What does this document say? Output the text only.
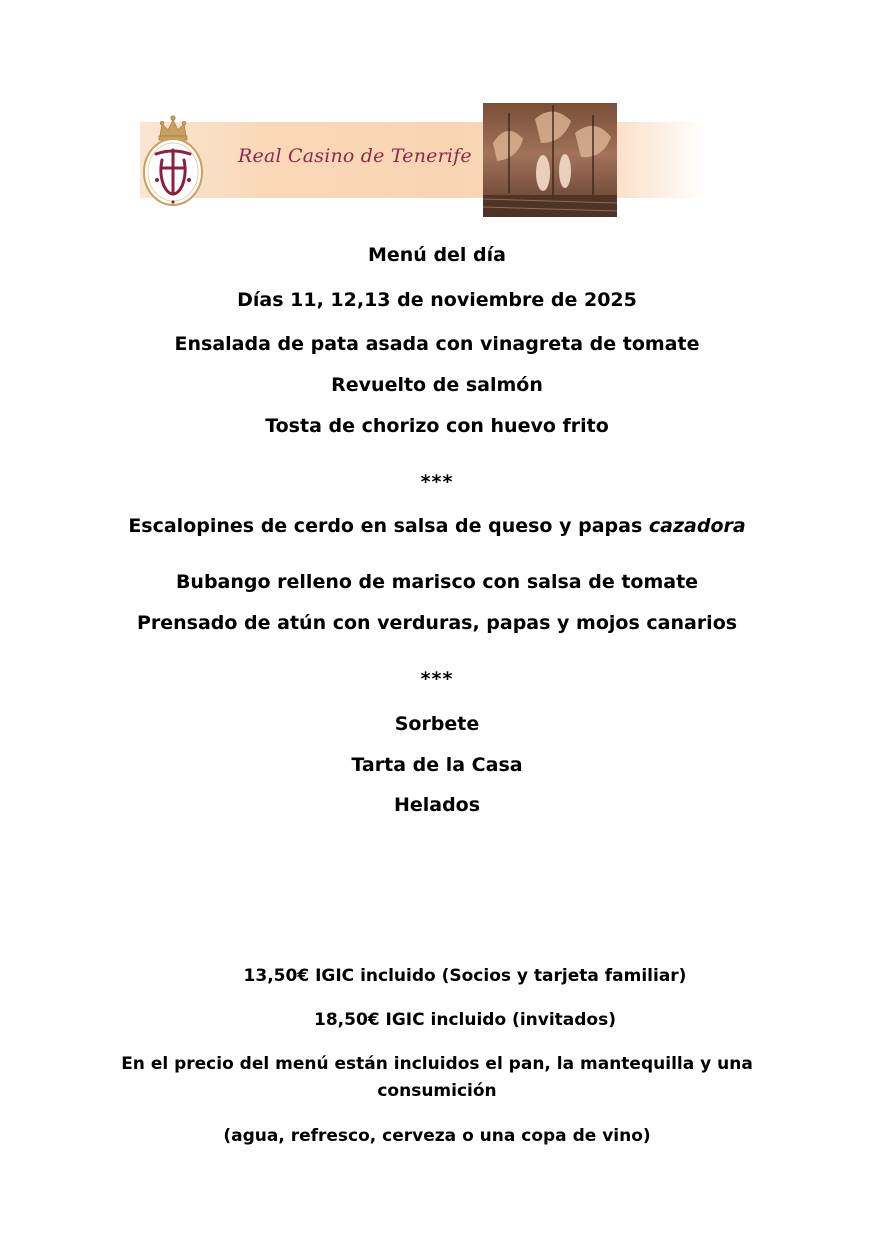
Real Casino de Tenerife
Menú del día
Días 11, 12,13 de noviembre de 2025
Ensalada de pata asada con vinagreta de tomate
Revuelto de salmón
Tosta de chorizo con huevo frito
***
Escalopines de cerdo en salsa de queso y papas cazadora
Bubango relleno de marisco con salsa de tomate
Prensado de atún con verduras, papas y mojos canarios
***
Sorbete
Tarta de la Casa
Helados
13,50€ IGIC incluido (Socios y tarjeta familiar)
18,50€ IGIC incluido (invitados)
En el precio del menú están incluidos el pan, la mantequilla y una
consumición
(agua, refresco, cerveza o una copa de vino)
